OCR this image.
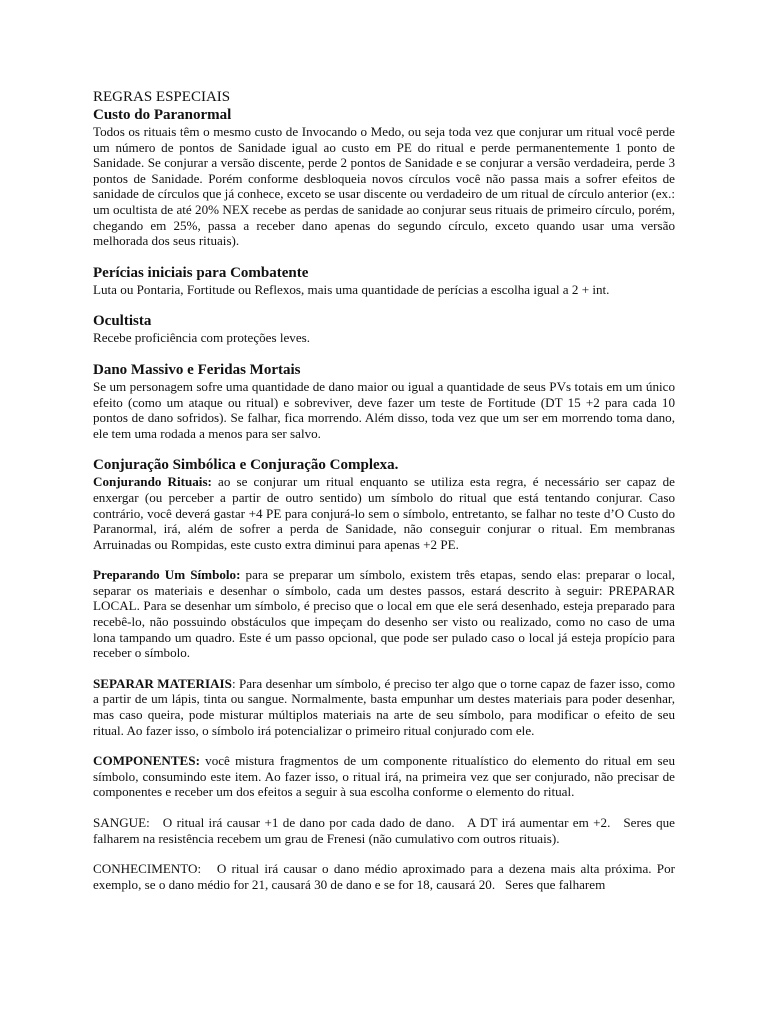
REGRAS ESPECIAIS
Custo do Paranormal

Todos os rituais têm o mesmo custo de Invocando o Medo, ou seja toda vez que conjurar um ritual você perde um número de pontos de Sanidade igual ao custo em PE do ritual e perde permanentemente 1 ponto de Sanidade. Se conjurar a versão discente, perde 2 pontos de Sanidade e se conjurar a versão verdadeira, perde 3 pontos de Sanidade. Porém conforme desbloqueia novos círculos você não passa mais a sofrer efeitos de sanidade de círculos que já conhece, exceto se usar discente ou verdadeiro de um ritual de círculo anterior (ex.: um ocultista de até 20% NEX recebe as perdas de sanidade ao conjurar seus rituais de primeiro círculo, porém, chegando em 25%, passa a receber dano apenas do segundo círculo, exceto quando usar uma versão melhorada dos seus rituais).

Perícias iniciais para Combatente

Luta ou Pontaria, Fortitude ou Reflexos, mais uma quantidade de perícias a escolha igual a 2 + int.

Ocultista

Recebe proficiência com proteções leves.

Dano Massivo e Feridas Mortais

Se um personagem sofre uma quantidade de dano maior ou igual a quantidade de seus PVs totais em um único efeito (como um ataque ou ritual) e sobreviver, deve fazer um teste de Fortitude (DT 15 +2 para cada 10 pontos de dano sofridos). Se falhar, fica morrendo. Além disso, toda vez que um ser em morrendo toma dano, ele tem uma rodada a menos para ser salvo.

Conjuração Simbólica e Conjuração Complexa.

Conjurando Rituais: ao se conjurar um ritual enquanto se utiliza esta regra, é necessário ser capaz de enxergar (ou perceber a partir de outro sentido) um símbolo do ritual que está tentando conjurar. Caso contrário, você deverá gastar +4 PE para conjurá-lo sem o símbolo, entretanto, se falhar no teste d’O Custo do Paranormal, irá, além de sofrer a perda de Sanidade, não conseguir conjurar o ritual. Em membranas Arruinadas ou Rompidas, este custo extra diminui para apenas +2 PE.

Preparando Um Símbolo: para se preparar um símbolo, existem três etapas, sendo elas: preparar o local, separar os materiais e desenhar o símbolo, cada um destes passos, estará descrito à seguir: PREPARAR LOCAL. Para se desenhar um símbolo, é preciso que o local em que ele será desenhado, esteja preparado para recebê-lo, não possuindo obstáculos que impeçam do desenho ser visto ou realizado, como no caso de uma lona tampando um quadro. Este é um passo opcional, que pode ser pulado caso o local já esteja propício para receber o símbolo.

SEPARAR MATERIAIS: Para desenhar um símbolo, é preciso ter algo que o torne capaz de fazer isso, como a partir de um lápis, tinta ou sangue. Normalmente, basta empunhar um destes materiais para poder desenhar, mas caso queira, pode misturar múltiplos materiais na arte de seu símbolo, para modificar o efeito de seu ritual. Ao fazer isso, o símbolo irá potencializar o primeiro ritual conjurado com ele.

COMPONENTES: você mistura fragmentos de um componente ritualístico do elemento do ritual em seu símbolo, consumindo este item. Ao fazer isso, o ritual irá, na primeira vez que ser conjurado, não precisar de componentes e receber um dos efeitos a seguir à sua escolha conforme o elemento do ritual.

SANGUE:   O ritual irá causar +1 de dano por cada dado de dano.   A DT irá aumentar em +2.   Seres que falharem na resistência recebem um grau de Frenesi (não cumulativo com outros rituais).

CONHECIMENTO:   O ritual irá causar o dano médio aproximado para a dezena mais alta próxima. Por exemplo, se o dano médio for 21, causará 30 de dano e se for 18, causará 20.   Seres que falharem
